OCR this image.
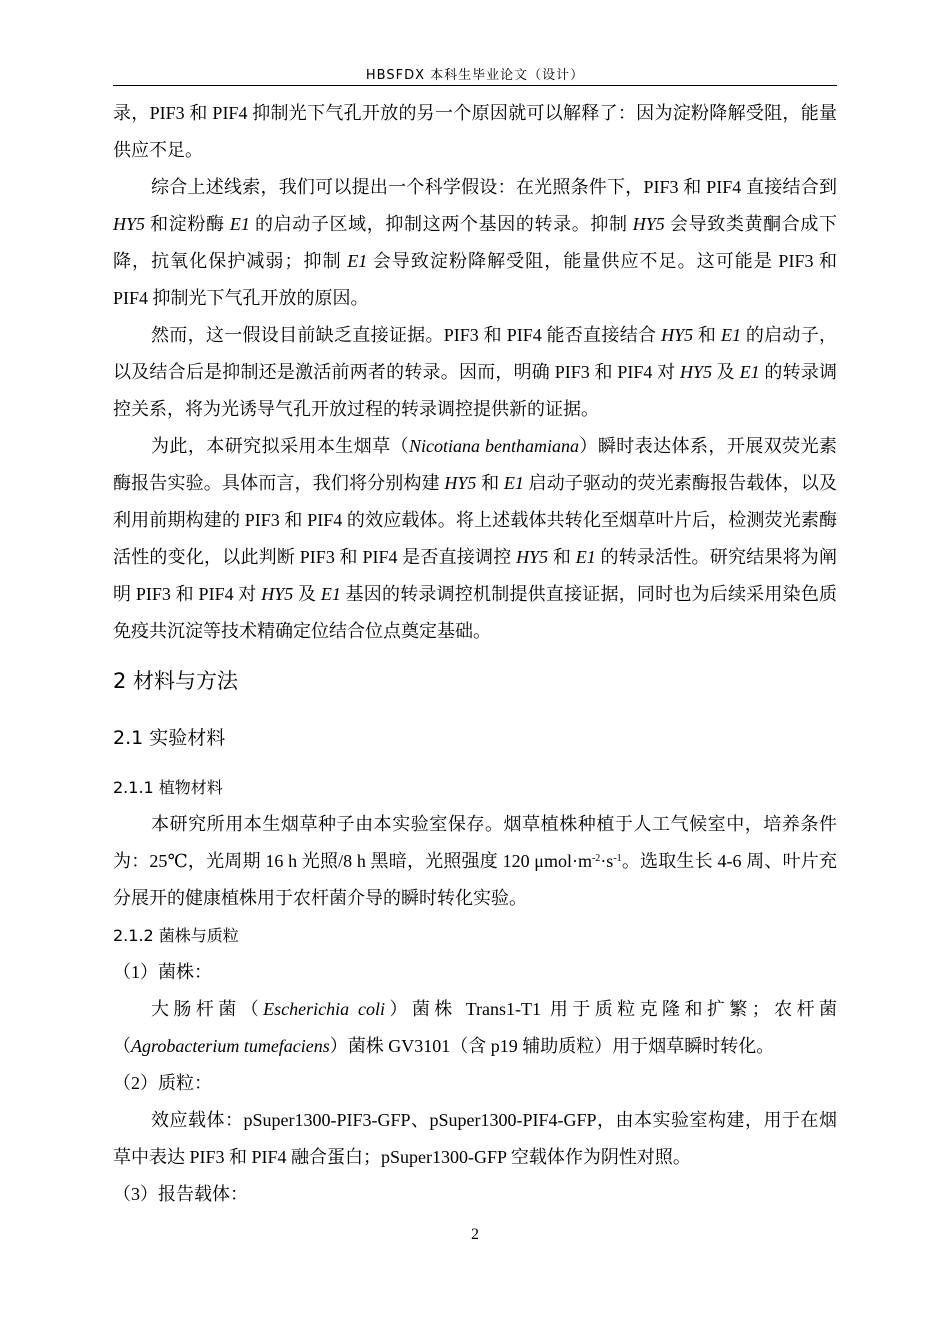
HBSFDX 本科生毕业论文（设计）

录，PIF3 和 PIF4 抑制光下气孔开放的另一个原因就可以解释了：因为淀粉降解受阻，能量供应不足。

综合上述线索，我们可以提出一个科学假设：在光照条件下，PIF3 和 PIF4 直接结合到 HY5 和淀粉酶 E1 的启动子区域，抑制这两个基因的转录。抑制 HY5 会导致类黄酮合成下降，抗氧化保护减弱；抑制 E1 会导致淀粉降解受阻，能量供应不足。这可能是 PIF3 和 PIF4 抑制光下气孔开放的原因。

然而，这一假设目前缺乏直接证据。PIF3 和 PIF4 能否直接结合 HY5 和 E1 的启动子，以及结合后是抑制还是激活前两者的转录。因而，明确 PIF3 和 PIF4 对 HY5 及 E1 的转录调控关系，将为光诱导气孔开放过程的转录调控提供新的证据。

为此，本研究拟采用本生烟草（Nicotiana benthamiana）瞬时表达体系，开展双荧光素酶报告实验。具体而言，我们将分别构建 HY5 和 E1 启动子驱动的荧光素酶报告载体，以及利用前期构建的 PIF3 和 PIF4 的效应载体。将上述载体共转化至烟草叶片后，检测荧光素酶活性的变化，以此判断 PIF3 和 PIF4 是否直接调控 HY5 和 E1 的转录活性。研究结果将为阐明 PIF3 和 PIF4 对 HY5 及 E1 基因的转录调控机制提供直接证据，同时也为后续采用染色质免疫共沉淀等技术精确定位结合位点奠定基础。

2 材料与方法
2.1 实验材料
2.1.1 植物材料

本研究所用本生烟草种子由本实验室保存。烟草植株种植于人工气候室中，培养条件为：25℃，光周期 16 h 光照/8 h 黑暗，光照强度 120 $\mu mol\cdot m^{-2}\cdot s^{-1}$。选取生长 4-6 周、叶片充分展开的健康植株用于农杆菌介导的瞬时转化实验。

2.1.2 菌株与质粒

（1）菌株：

大肠杆菌（Escherichia coli）菌株 Trans1-T1 用于质粒克隆和扩繁；农杆菌（Agrobacterium tumefaciens）菌株 GV3101（含 p19 辅助质粒）用于烟草瞬时转化。

（2）质粒：

效应载体：pSuper1300-PIF3-GFP、pSuper1300-PIF4-GFP，由本实验室构建，用于在烟草中表达 PIF3 和 PIF4 融合蛋白；pSuper1300-GFP 空载体作为阴性对照。

（3）报告载体：

2
